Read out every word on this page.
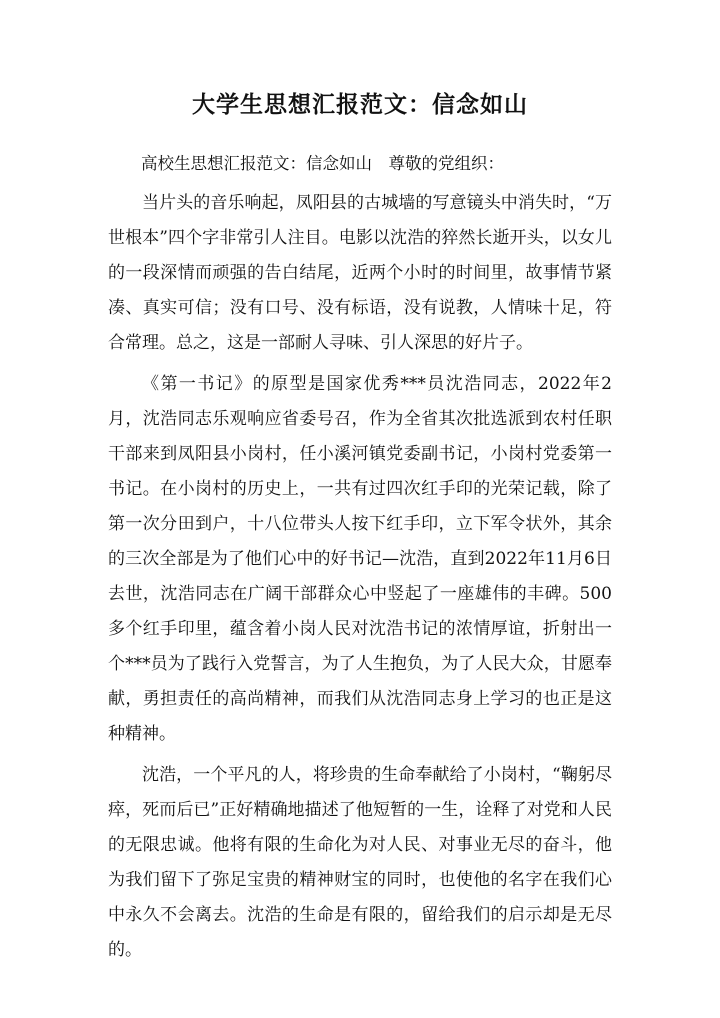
大学生思想汇报范文：信念如山

高校生思想汇报范文：信念如山　尊敬的党组织：

当片头的音乐响起，凤阳县的古城墙的写意镜头中消失时，“万世根本”四个字非常引人注目。电影以沈浩的猝然长逝开头，以女儿的一段深情而顽强的告白结尾，近两个小时的时间里，故事情节紧凑、真实可信；没有口号、没有标语，没有说教，人情味十足，符合常理。总之，这是一部耐人寻味、引人深思的好片子。

《第一书记》的原型是国家优秀***员沈浩同志，2022年2月，沈浩同志乐观响应省委号召，作为全省其次批选派到农村任职干部来到凤阳县小岗村，任小溪河镇党委副书记，小岗村党委第一书记。在小岗村的历史上，一共有过四次红手印的光荣记载，除了第一次分田到户，十八位带头人按下红手印，立下军令状外，其余的三次全部是为了他们心中的好书记—沈浩，直到2022年11月6日去世，沈浩同志在广阔干部群众心中竖起了一座雄伟的丰碑。500多个红手印里，蕴含着小岗人民对沈浩书记的浓情厚谊，折射出一个***员为了践行入党誓言，为了人生抱负，为了人民大众，甘愿奉献，勇担责任的高尚精神，而我们从沈浩同志身上学习的也正是这种精神。

沈浩，一个平凡的人，将珍贵的生命奉献给了小岗村，“鞠躬尽瘁，死而后已”正好精确地描述了他短暂的一生，诠释了对党和人民的无限忠诚。他将有限的生命化为对人民、对事业无尽的奋斗，他为我们留下了弥足宝贵的精神财宝的同时，也使他的名字在我们心中永久不会离去。沈浩的生命是有限的，留给我们的启示却是无尽的。
